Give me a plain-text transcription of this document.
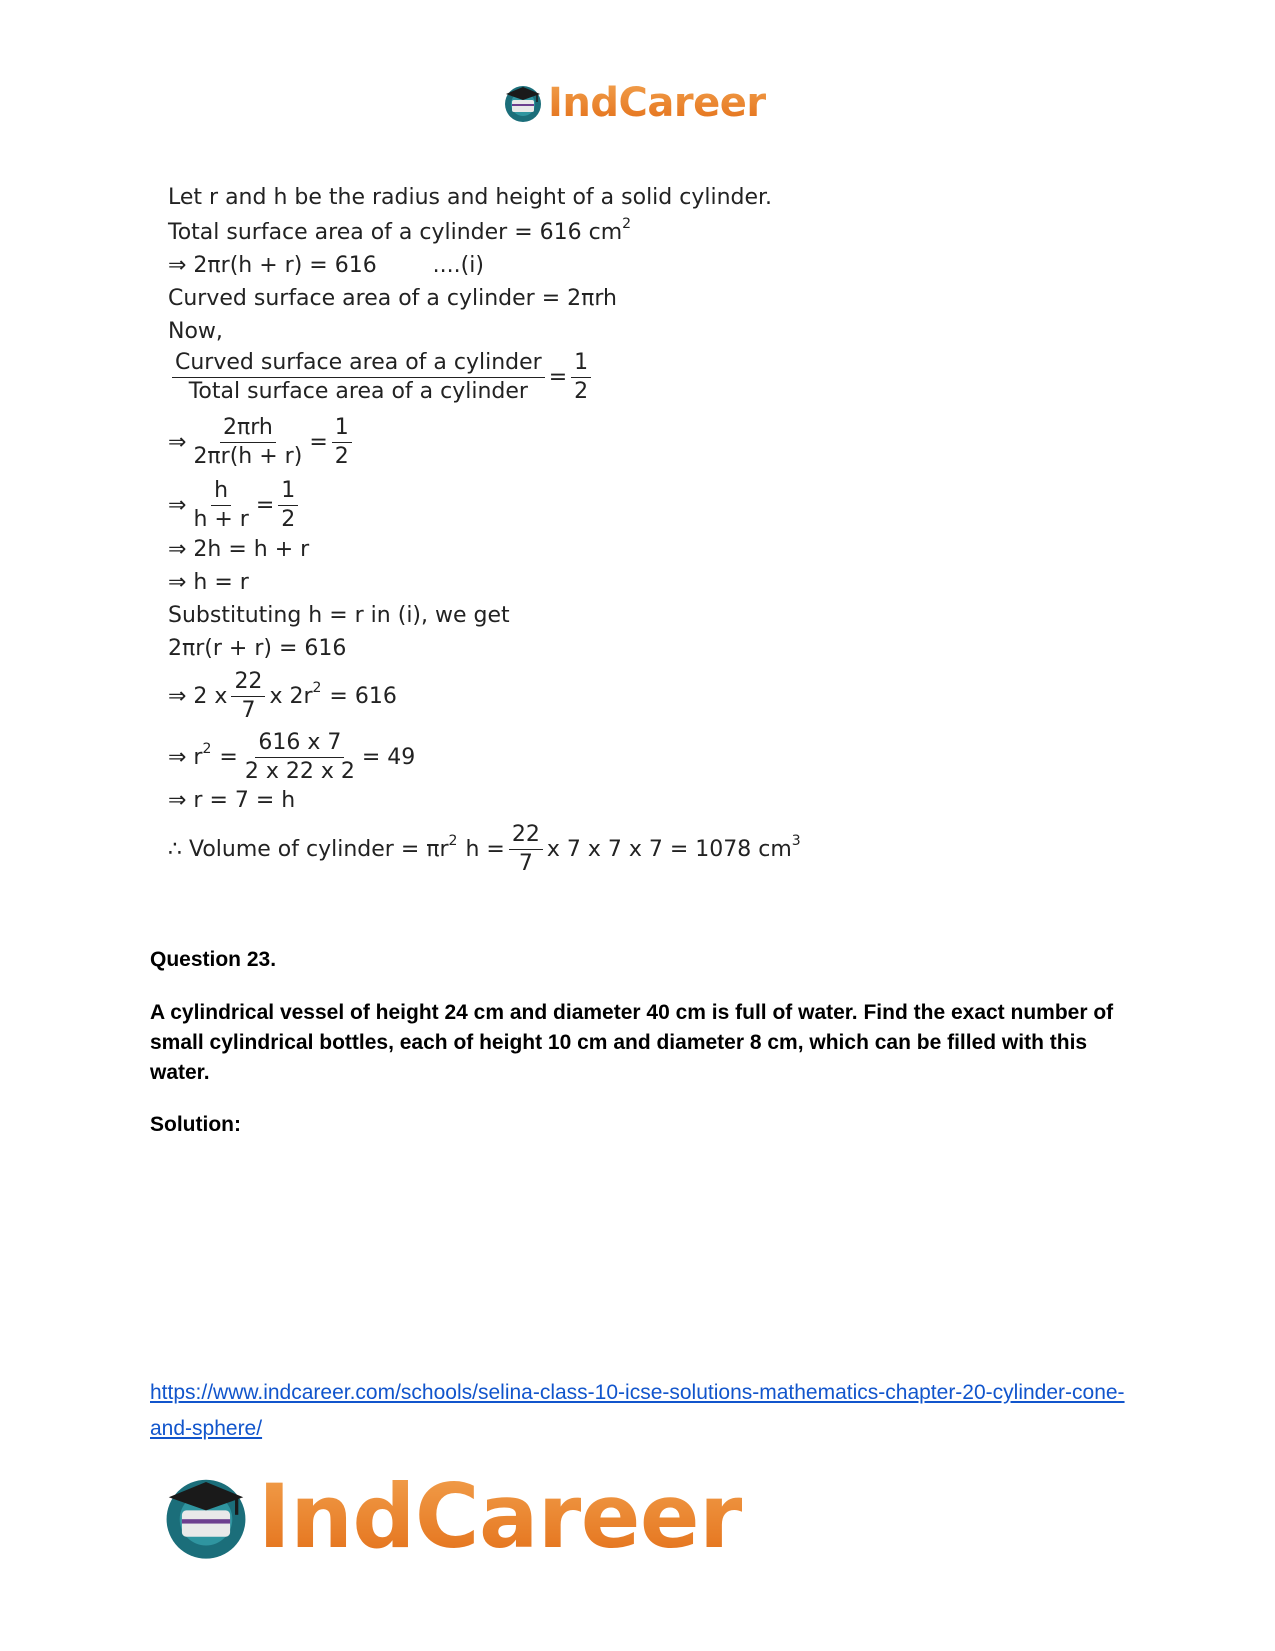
IndCareer
Let r and h be the radius and height of a solid cylinder.
Total surface area of a cylinder = 616 cm 2
⇒ 2πr(h + r) = 616        ....(i)
Curved surface area of a cylinder = 2πrh
Now,
$\frac{\text{Curved surface area of a cylinder}}{\text{Total surface area of a cylinder}} = \frac{1}{2}$
⇒ $\frac{\text{2πrh}}{2\pi r(h + r)} = \frac{1}{2}$
⇒ $\frac{h}{h + r} = \frac{1}{2}$
⇒ 2h = h + r
⇒ h = r
Substituting h = r in (i), we get
2πr(r + r) = 616
⇒ 2 x $\frac{22}{7}$ x 2r 2 = 616
⇒ r $2 = \frac{616 x 7}{2 x 22 x 2} = 49$
⇒ r = 7 = h
∴ Volume of cylinder = πr 2 $h = \frac{22}{7}$ x 7 x 7 x 7 = 1078 cm 3

Question 23.

A cylindrical vessel of height 24 cm and diameter 40 cm is full of water. Find the exact number of small cylindrical bottles, each of height 10 cm and diameter 8 cm, which can be filled with this water.

Solution:

https://www.indcareer.com/schools/selina-class-10-icse-solutions-mathematics-chapter-20-cylinder-cone-and-sphere/
IndCareer
